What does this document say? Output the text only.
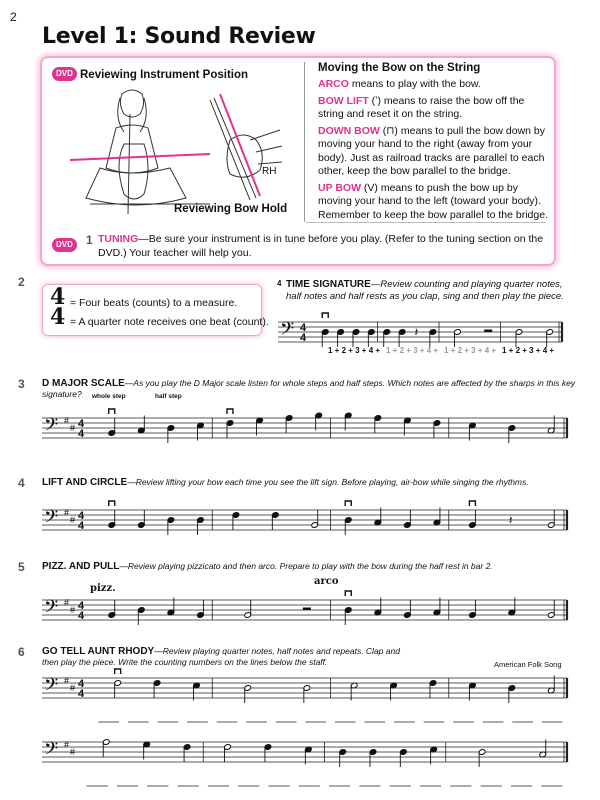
2
Level 1: Sound Review
DVD Reviewing Instrument Position
RH
Reviewing Bow Hold
Moving the Bow on the String
ARCO means to play with the bow.
BOW LIFT (ʼ) means to raise the bow off the string and reset it on the string.
DOWN BOW (⊓) means to pull the bow down by moving your hand to the right (away from your body). Just as railroad tracks are parallel to each other, keep the bow parallel to the bridge.
UP BOW (V) means to push the bow up by moving your hand to the left (toward your body). Remember to keep the bow parallel to the bridge.
DVD	1 TUNING—Be sure your instrument is in tune before you play. (Refer to the tuning section on the DVD.) Your teacher will help you.
2
4
4
= Four beats (counts) to a measure.
= A quarter note receives one beat (count).
$^4$ TIME SIGNATURE—Review counting and playing quarter notes, half notes and half rests as you clap, sing and then play the piece.
𝄢 4
4	𝄽
1 + 2 + 3 + 4 + 1 + 2 + 3 + 4 + 1 + 2 + 3 + 4 + 1 + 2 + 3 + 4 +
3 D MAJOR SCALE—As you play the D Major scale listen for whole steps and half steps. Which notes are affected by the sharps in this key signature?	whole step	half step
𝄢 #
# 4
4
4 LIFT AND CIRCLE—Review lifting your bow each time you see the lift sign. Before playing, air-bow while singing the rhythms.
𝄢 #
# 4
4	𝄽
5 PIZZ. AND PULL—Review playing pizzicato and then arco. Prepare to play with the bow during the half rest in bar 2.
pizz.
arco
𝄢 #
# 4
4
6 GO TELL AUNT RHODY—Review playing quarter notes, half notes and repeats. Clap and then play the piece. Write the counting numbers on the lines below the staff.	American Folk Song
𝄢 #
# 4
4
𝄢 #
#
